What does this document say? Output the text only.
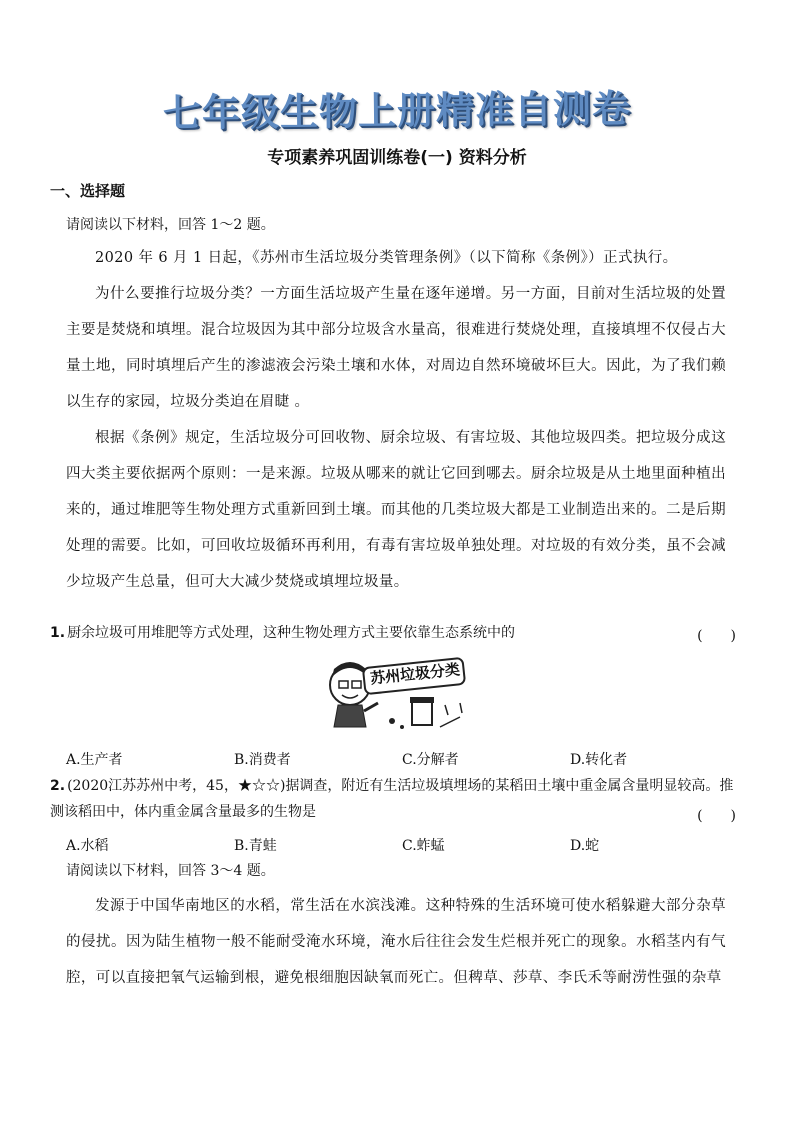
七年级生物上册精准自测卷
专项素养巩固训练卷(一) 资料分析
一、选择题
请阅读以下材料，回答 1～2 题。
2020 年 6 月 1 日起，《苏州市生活垃圾分类管理条例》（以下简称《条例》）正式执行。
为什么要推行垃圾分类？一方面生活垃圾产生量在逐年递增。另一方面，目前对生活垃圾的处置主要是焚烧和填埋。混合垃圾因为其中部分垃圾含水量高，很难进行焚烧处理，直接填埋不仅侵占大量土地，同时填埋后产生的渗滤液会污染土壤和水体，对周边自然环境破坏巨大。因此，为了我们赖以生存的家园，垃圾分类迫在眉睫 。
根据《条例》规定，生活垃圾分可回收物、厨余垃圾、有害垃圾、其他垃圾四类。把垃圾分成这四大类主要依据两个原则：一是来源。垃圾从哪来的就让它回到哪去。厨余垃圾是从土地里面种植出来的，通过堆肥等生物处理方式重新回到土壤。而其他的几类垃圾大都是工业制造出来的。二是后期处理的需要。比如，可回收垃圾循环再利用，有毒有害垃圾单独处理。对垃圾的有效分类，虽不会减少垃圾产生总量，但可大大减少焚烧或填埋垃圾量。
1. 厨余垃圾可用堆肥等方式处理，这种生物处理方式主要依靠生态系统中的	(　　)
苏州垃圾分类
A.生产者	B.消费者	C.分解者	D.转化者
2. (2020江苏苏州中考，45，★☆☆)据调查，附近有生活垃圾填埋场的某稻田土壤中重金属含量明显较高。推测该稻田中，体内重金属含量最多的生物是	(　　)
A.水稻	B.青蛙	C.蚱蜢	D.蛇
请阅读以下材料，回答 3～4 题。
发源于中国华南地区的水稻，常生活在水滨浅滩。这种特殊的生活环境可使水稻躲避大部分杂草的侵扰。因为陆生植物一般不能耐受淹水环境，淹水后往往会发生烂根并死亡的现象。水稻茎内有气腔，可以直接把氧气运输到根，避免根细胞因缺氧而死亡。但稗草、莎草、李氏禾等耐涝性强的杂草
